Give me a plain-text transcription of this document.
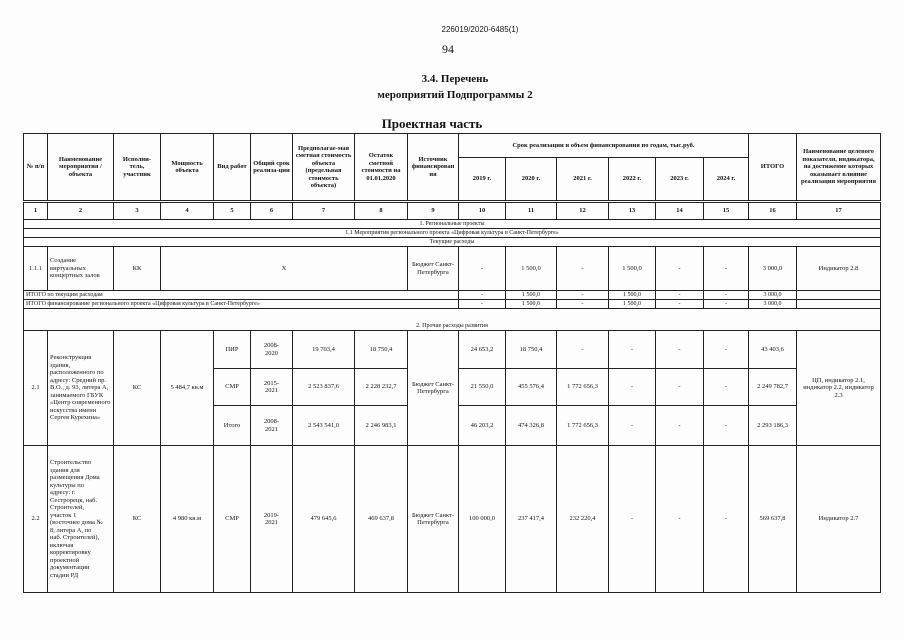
226019/2020-6485(1)
94
3.4. Перечень
мероприятий Подпрограммы 2
Проектная часть
№ п/п	Наименование мероприятия / объекта	Исполни-тель, участник	Мощность объекта	Вид работ	Общий срок реализа-ции	Предполагае-мая сметная стоимость объекта (предельная стоимость объекта)	Остаток сметной стоимости на 01.01.2020	Источник финансирования	Срок реализации и объем финансирования по годам, тыс.руб.						ИТОГО	Наименование целевого показателя, индикатора, на достижение которых оказывает влияние реализация мероприятия
									2019 г.	2020 г.	2021 г.	2022 г.	2023 г.	2024 г.		
1	2	3	4	5	6	7	8	9	10	11	12	13	14	15	16	17
1. Региональные проекты																
1.1 Мероприятия регионального проекта «Цифровая культура в Санкт-Петербурге»																
Текущие расходы																
1.1.1	Создание виртуальных концертных залов	КК	Х					Бюджет Санкт-Петербурга	-	1 500,0	-	1 500,0	-	-	3 000,0	Индикатор 2.8
ИТОГО по текущим расходам									-	1 500,0	-	1 500,0	-	-	3 000,0	
ИТОГО финансирование регионального проекта «Цифровая культура в Санкт-Петербурге»									-	1 500,0	-	1 500,0	-	-	3 000,0	
2. Прочие расходы развития																
2.1	Реконструкция здания, расположенного по адресу: Средний пр. В.О., д. 93, литера А, занимаемого ГБУК «Центр современного искусства имени Сергея Курехина»	КС	5 484,7 кв.м	ПИР	2008-2020	19 703,4	18 750,4	Бюджет Санкт-Петербурга	24 653,2	18 750,4	-	-	-	-	43 403,6	ЦП, индикатор 2.1, индикатор 2.2, индикатор 2.3
				СМР	2015-2021	2 523 837,6	2 228 232,7		21 550,0	455 576,4	1 772 656,3	-	-	-	2 249 782,7	
				Итого	2008-2021	2 543 541,0	2 246 983,1		46 203,2	474 326,8	1 772 656,3	-	-	-	2 293 186,3	
2.2	Строительство здания для размещения Дома культуры по адресу: г. Сестрорецк, наб. Строителей, участок 1 (восточнее дома № 8, литера А, по наб. Строителей), включая корректировку проектной документации стадии РД	КС	4 980 кв.м	СМР	2019-2021	479 645,6	469 637,8	Бюджет Санкт-Петербурга	100 000,0	237 417,4	232 220,4	-	-	-	569 637,8	Индикатор 2.7
